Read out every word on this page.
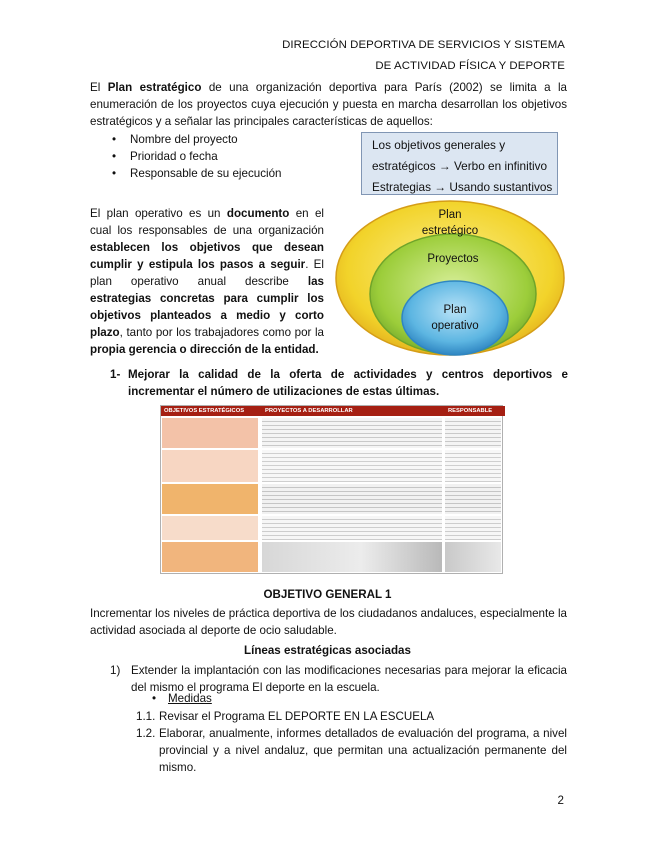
DIRECCIÓN DEPORTIVA DE SERVICIOS Y SISTEMA
DE ACTIVIDAD FÍSICA Y DEPORTE
El Plan estratégico de una organización deportiva para París (2002) se limita a la enumeración de los proyectos cuya ejecución y puesta en marcha desarrollan los objetivos estratégicos y a señalar las principales características de aquellos:
• Nombre del proyecto
• Prioridad o fecha
• Responsable de su ejecución
Los objetivos generales y
estratégicos → Verbo en infinitivo
Estrategias → Usando sustantivos
El plan operativo es un documento en el cual los responsables de una organización establecen los objetivos que desean cumplir y estipula los pasos a seguir. El plan operativo anual describe las estrategias concretas para cumplir los objetivos planteados a medio y corto plazo, tanto por los trabajadores como por la propia gerencia o dirección de la entidad.
Plan
estretégico
Proyectos
Plan
operativo
1- Mejorar la calidad de la oferta de actividades y centros deportivos e incrementar el número de utilizaciones de estas últimas.
OBJETIVOS ESTRATÉGICOS	PROYECTOS A DESARROLLAR	RESPONSABLE
OBJETIVO GENERAL 1
Incrementar los niveles de práctica deportiva de los ciudadanos andaluces, especialmente la actividad asociada al deporte de ocio saludable.
Líneas estratégicas asociadas
1) Extender la implantación con las modificaciones necesarias para mejorar la eficacia del mismo el programa El deporte en la escuela.
• Medidas
1.1. Revisar el Programa EL DEPORTE EN LA ESCUELA
1.2. Elaborar, anualmente, informes detallados de evaluación del programa, a nivel provincial y a nivel andaluz, que permitan una actualización permanente del mismo.
2
